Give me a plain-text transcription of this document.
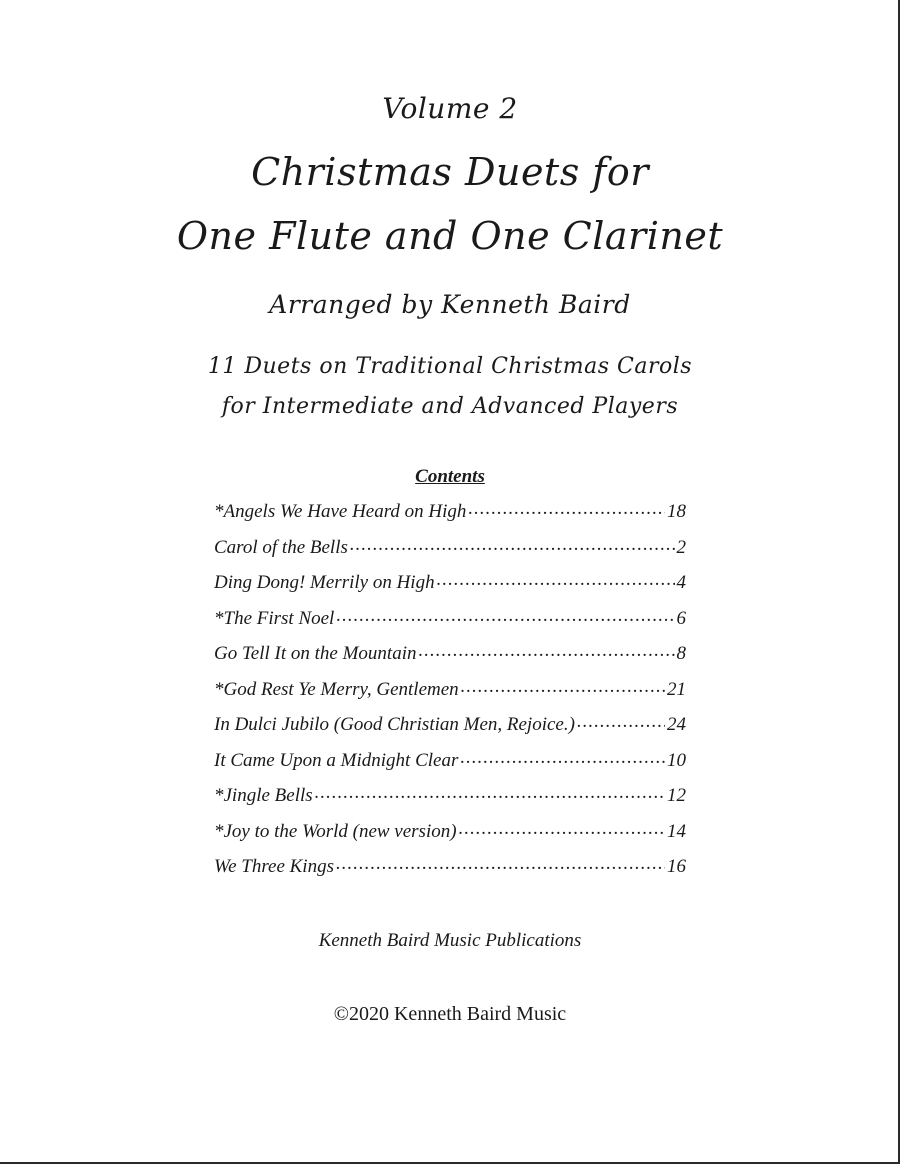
Volume 2
Christmas Duets for
One Flute and One Clarinet
Arranged by Kenneth Baird
11 Duets on Traditional Christmas Carols
for Intermediate and Advanced Players
Contents
*Angels We Have Heard on High .....	18
Carol of the Bells .....	2
Ding Dong! Merrily on High .....	4
*The First Noel .....	6
Go Tell It on the Mountain .....	8
*God Rest Ye Merry, Gentlemen .....	21
In Dulci Jubilo (Good Christian Men, Rejoice.) .....	24
It Came Upon a Midnight Clear .....	10
*Jingle Bells .....	12
*Joy to the World (new version) .....	14
We Three Kings .....	16
Kenneth Baird Music Publications
©2020 Kenneth Baird Music
